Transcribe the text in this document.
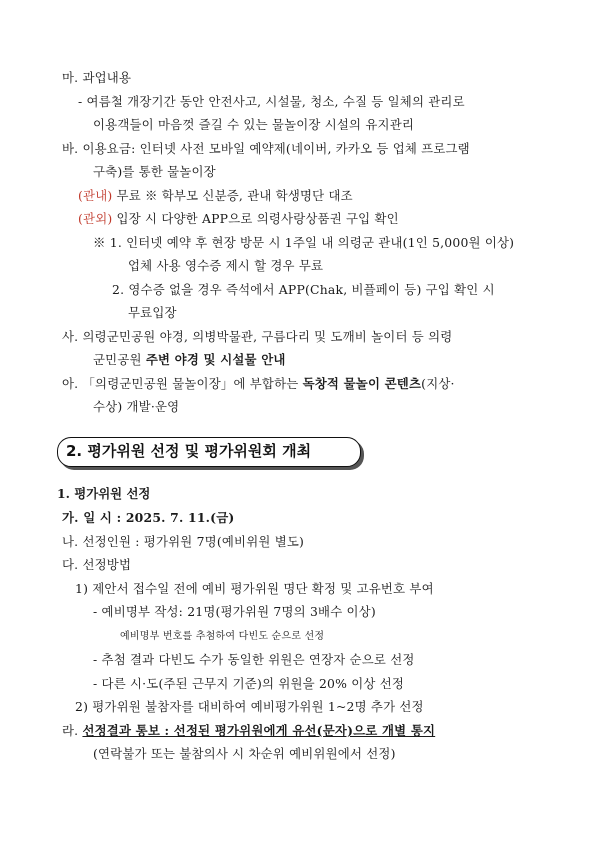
마. 과업내용
- 여름철 개장기간 동안 안전사고, 시설물, 청소, 수질 등 일체의 관리로
이용객들이 마음껏 즐길 수 있는 물놀이장 시설의 유지관리
바. 이용요금: 인터넷 사전 모바일 예약제(네이버, 카카오 등 업체 프로그램
구축)를 통한 물놀이장
(관내) 무료 ※ 학부모 신분증, 관내 학생명단 대조
(관외) 입장 시 다양한 APP으로 의령사랑상품권 구입 확인
※ 1. 인터넷 예약 후 현장 방문 시 1주일 내 의령군 관내(1인 5,000원 이상)
업체 사용 영수증 제시 할 경우 무료
2. 영수증 없을 경우 즉석에서 APP(Chak, 비플페이 등) 구입 확인 시
무료입장
사. 의령군민공원 야경, 의병박물관, 구름다리 및 도깨비 놀이터 등 의령
군민공원 주변 야경 및 시설물 안내
아. 「의령군민공원 물놀이장」에 부합하는 독창적 물놀이 콘텐츠(지상·
수상) 개발·운영
2. 평가위원 선정 및 평가위원회 개최
1. 평가위원 선정
가. 일 시 : 2025. 7. 11.(금)
나. 선정인원 : 평가위원 7명(예비위원 별도)
다. 선정방법
1) 제안서 접수일 전에 예비 평가위원 명단 확정 및 고유번호 부여
- 예비명부 작성: 21명(평가위원 7명의 3배수 이상)
예비명부 번호를 추첨하여 다빈도 순으로 선정
- 추첨 결과 다빈도 수가 동일한 위원은 연장자 순으로 선정
- 다른 시·도(주된 근무지 기준)의 위원을 20% 이상 선정
2) 평가위원 불참자를 대비하여 예비평가위원 1~2명 추가 선정
라. 선정결과 통보 : 선정된 평가위원에게 유선(문자)으로 개별 통지
(연락불가 또는 불참의사 시 차순위 예비위원에서 선정)
